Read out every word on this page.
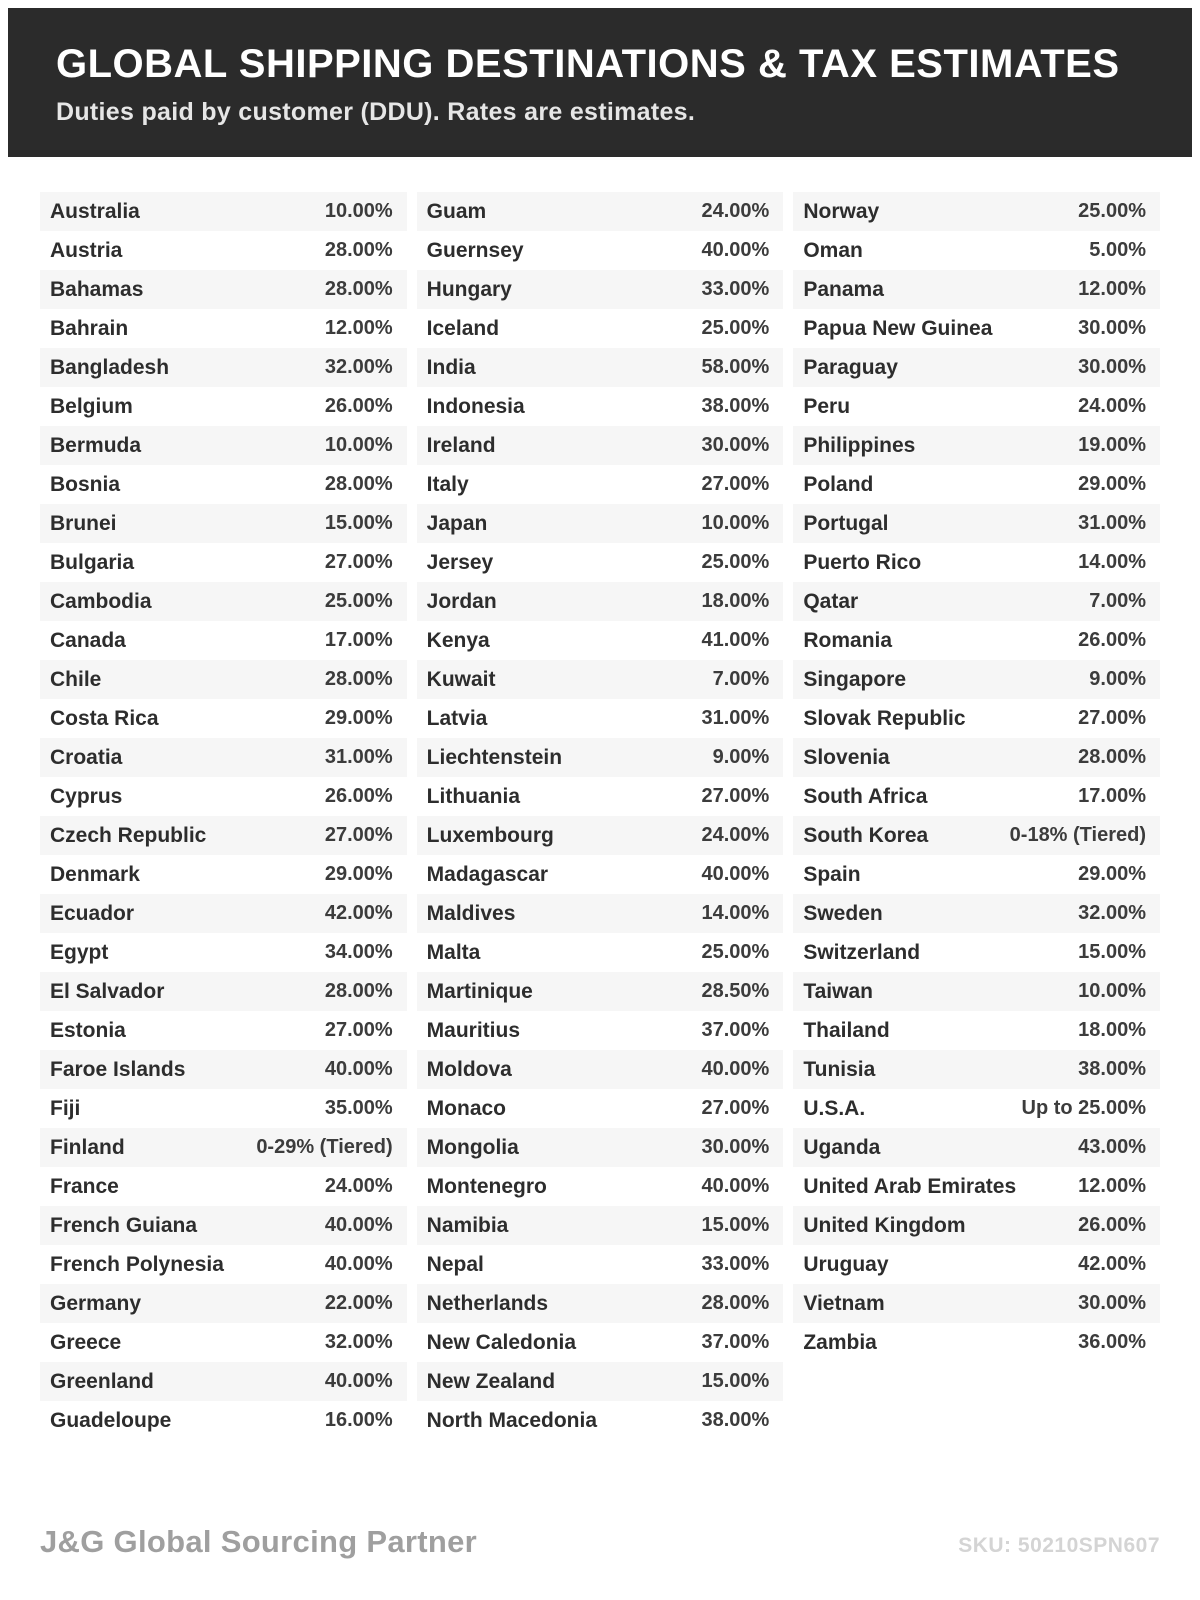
GLOBAL SHIPPING DESTINATIONS & TAX ESTIMATES
Duties paid by customer (DDU). Rates are estimates.
Australia	10.00%
Austria	28.00%
Bahamas	28.00%
Bahrain	12.00%
Bangladesh	32.00%
Belgium	26.00%
Bermuda	10.00%
Bosnia	28.00%
Brunei	15.00%
Bulgaria	27.00%
Cambodia	25.00%
Canada	17.00%
Chile	28.00%
Costa Rica	29.00%
Croatia	31.00%
Cyprus	26.00%
Czech Republic	27.00%
Denmark	29.00%
Ecuador	42.00%
Egypt	34.00%
El Salvador	28.00%
Estonia	27.00%
Faroe Islands	40.00%
Fiji	35.00%
Finland	0-29% (Tiered)
France	24.00%
French Guiana	40.00%
French Polynesia	40.00%
Germany	22.00%
Greece	32.00%
Greenland	40.00%
Guadeloupe	16.00%
Guam	24.00%
Guernsey	40.00%
Hungary	33.00%
Iceland	25.00%
India	58.00%
Indonesia	38.00%
Ireland	30.00%
Italy	27.00%
Japan	10.00%
Jersey	25.00%
Jordan	18.00%
Kenya	41.00%
Kuwait	7.00%
Latvia	31.00%
Liechtenstein	9.00%
Lithuania	27.00%
Luxembourg	24.00%
Madagascar	40.00%
Maldives	14.00%
Malta	25.00%
Martinique	28.50%
Mauritius	37.00%
Moldova	40.00%
Monaco	27.00%
Mongolia	30.00%
Montenegro	40.00%
Namibia	15.00%
Nepal	33.00%
Netherlands	28.00%
New Caledonia	37.00%
New Zealand	15.00%
North Macedonia	38.00%
Norway	25.00%
Oman	5.00%
Panama	12.00%
Papua New Guinea	30.00%
Paraguay	30.00%
Peru	24.00%
Philippines	19.00%
Poland	29.00%
Portugal	31.00%
Puerto Rico	14.00%
Qatar	7.00%
Romania	26.00%
Singapore	9.00%
Slovak Republic	27.00%
Slovenia	28.00%
South Africa	17.00%
South Korea	0-18% (Tiered)
Spain	29.00%
Sweden	32.00%
Switzerland	15.00%
Taiwan	10.00%
Thailand	18.00%
Tunisia	38.00%
U.S.A.	Up to 25.00%
Uganda	43.00%
United Arab Emirates	12.00%
United Kingdom	26.00%
Uruguay	42.00%
Vietnam	30.00%
Zambia	36.00%
J&G Global Sourcing Partner	SKU: 50210SPN607
